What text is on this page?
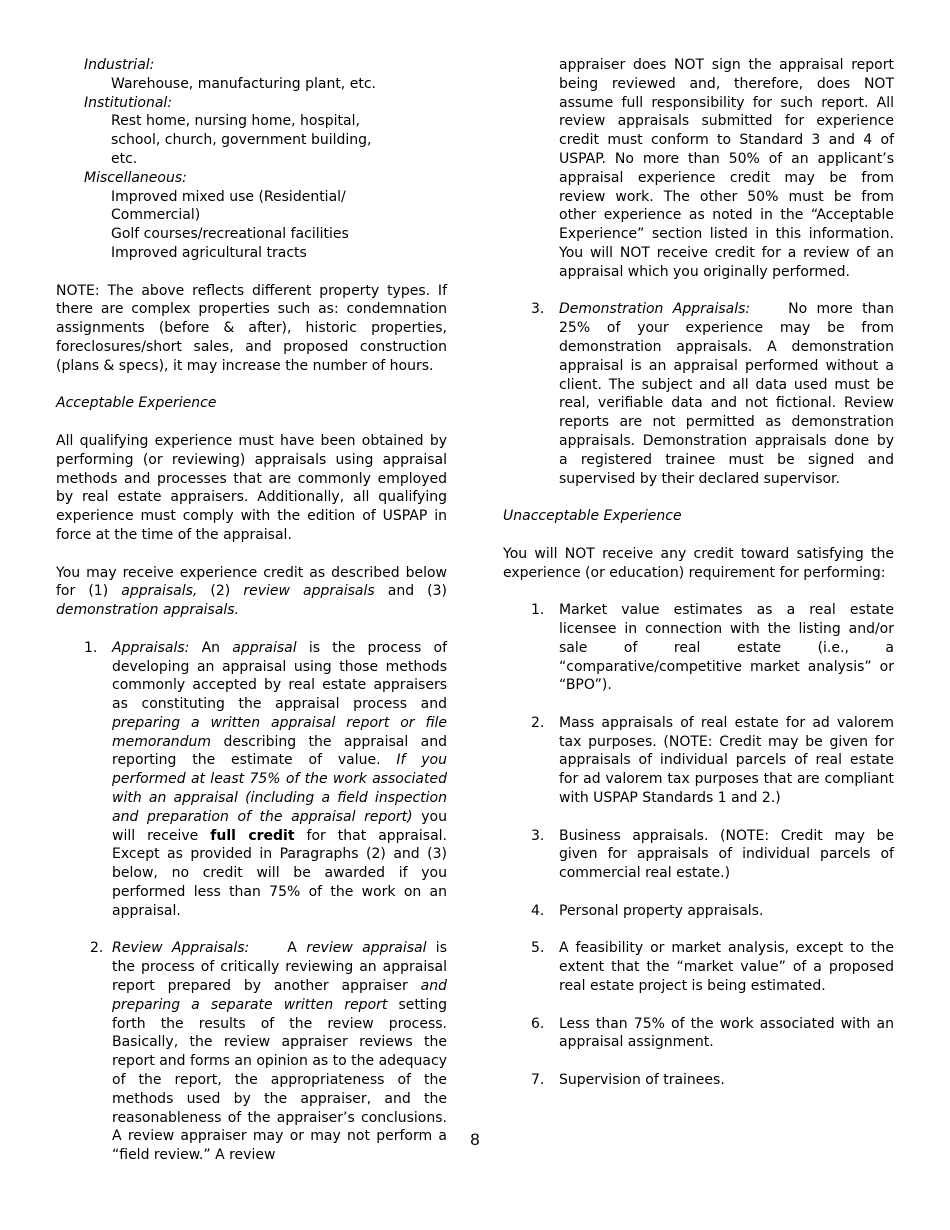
Industrial:

Warehouse, manufacturing plant, etc.

Institutional:

Rest home, nursing home, hospital,

school, church, government building,

etc.

Miscellaneous:

Improved mixed use (Residential/

Commercial)

Golf courses/recreational facilities

Improved agricultural tracts

NOTE: The above reflects different property types. If there are complex properties such as: condemnation assignments (before & after), historic properties, foreclosures/short sales, and proposed construction (plans & specs), it may increase the number of hours.

Acceptable Experience

All qualifying experience must have been obtained by performing (or reviewing) appraisals using appraisal methods and processes that are commonly employed by real estate appraisers. Additionally, all qualifying experience must comply with the edition of USPAP in force at the time of the appraisal.

You may receive experience credit as described below for (1) appraisals, (2) review appraisals and (3) demonstration appraisals.

1. Appraisals: An appraisal is the process of developing an appraisal using those methods commonly accepted by real estate appraisers as constituting the appraisal process and preparing a written appraisal report or file memorandum describing the appraisal and reporting the estimate of value. If you performed at least 75% of the work associated with an appraisal (including a field inspection and preparation of the appraisal report) you will receive full credit for that appraisal. Except as provided in Paragraphs (2) and (3) below, no credit will be awarded if you performed less than 75% of the work on an appraisal.
2. Review Appraisals:	A review appraisal is the process of critically reviewing an appraisal report prepared by another appraiser and preparing a separate written report setting forth the results of the review process. Basically, the review appraiser reviews the report and forms an opinion as to the adequacy of the report, the appropriateness of the methods used by the appraiser, and the reasonableness of the appraiser’s conclusions. A review appraiser may or may not perform a “field review.” A review
appraiser does NOT sign the appraisal report being reviewed and, therefore, does NOT assume full responsibility for such report. All review appraisals submitted for experience credit must conform to Standard 3 and 4 of USPAP. No more than 50% of an applicant’s appraisal experience credit may be from review work. The other 50% must be from other experience as noted in the “Acceptable Experience” section listed in this information. You will NOT receive credit for a review of an appraisal which you originally performed.
3. Demonstration Appraisals:	No more than 25% of your experience may be from demonstration appraisals. A demonstration appraisal is an appraisal performed without a client. The subject and all data used must be real, verifiable data and not fictional. Review reports are not permitted as demonstration appraisals. Demonstration appraisals done by a registered trainee must be signed and supervised by their declared supervisor.

Unacceptable Experience

You will NOT receive any credit toward satisfying the experience (or education) requirement for performing:

1. Market value estimates as a real estate licensee in connection with the listing and/or sale of real estate (i.e., a “comparative/competitive market analysis” or “BPO”).
2. Mass appraisals of real estate for ad valorem tax purposes. (NOTE: Credit may be given for appraisals of individual parcels of real estate for ad valorem tax purposes that are compliant with USPAP Standards 1 and 2.)
3. Business appraisals. (NOTE: Credit may be given for appraisals of individual parcels of commercial real estate.)
4. Personal property appraisals.
5. A feasibility or market analysis, except to the extent that the “market value” of a proposed real estate project is being estimated.
6. Less than 75% of the work associated with an appraisal assignment.
7. Supervision of trainees.
8
